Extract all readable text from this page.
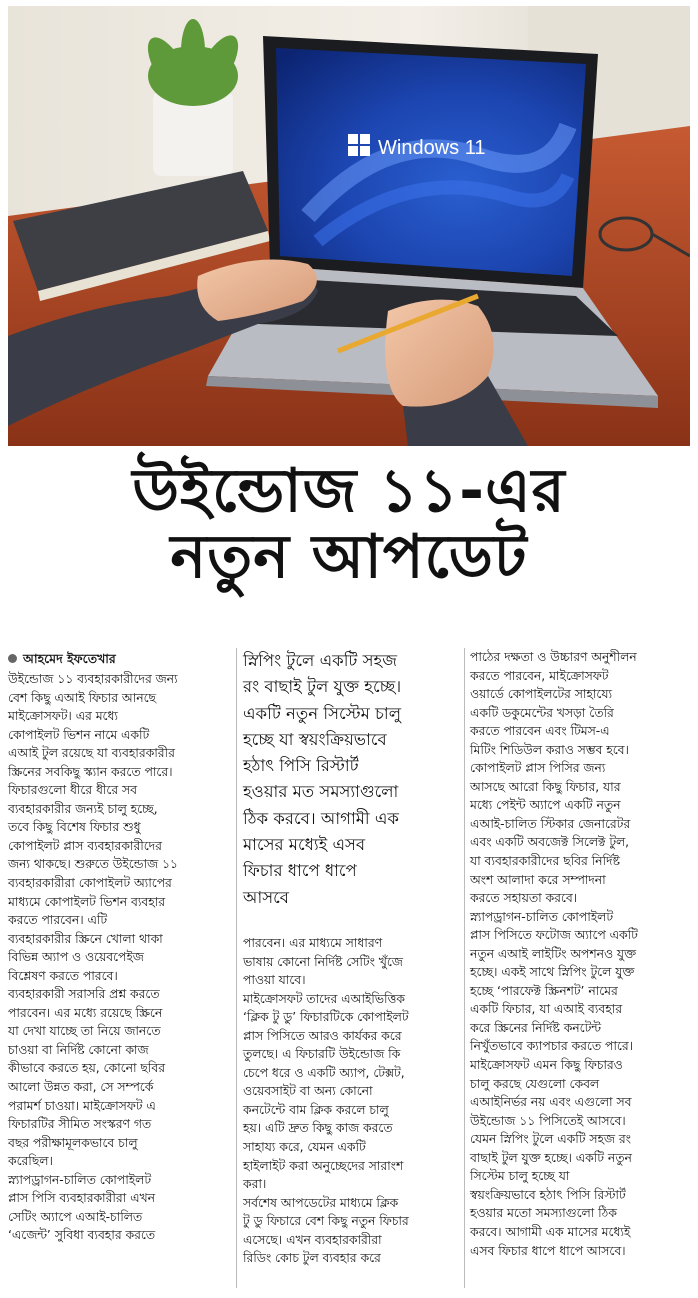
Windows 11
উইন্ডোজ ১১-এর
নতুন আপডেট
আহমেদ ইফতেখার

উইন্ডোজ ১১ ব্যবহারকারীদের জন্য

বেশ কিছু এআই ফিচার আনছে

মাইক্রোসফট। এর মধ্যে

কোপাইলট ভিশন নামে একটি

এআই টুল রয়েছে যা ব্যবহারকারীর

স্ক্রিনের সবকিছু স্ক্যান করতে পারে।

ফিচারগুলো ধীরে ধীরে সব

ব্যবহারকারীর জন্যই চালু হচ্ছে,

তবে কিছু বিশেষ ফিচার শুধু

কোপাইলট প্লাস ব্যবহারকারীদের

জন্য থাকছে। শুরুতে উইন্ডোজ ১১

ব্যবহারকারীরা কোপাইলট অ্যাপের

মাধ্যমে কোপাইলট ভিশন ব্যবহার

করতে পারবেন। এটি

ব্যবহারকারীর স্ক্রিনে খোলা থাকা

বিভিন্ন অ্যাপ ও ওয়েবপেইজ

বিশ্লেষণ করতে পারবে।

ব্যবহারকারী সরাসরি প্রশ্ন করতে

পারবেন। এর মধ্যে রয়েছে স্ক্রিনে

যা দেখা যাচ্ছে তা নিয়ে জানতে

চাওয়া বা নির্দিষ্ট কোনো কাজ

কীভাবে করতে হয়, কোনো ছবির

আলো উন্নত করা, সে সম্পর্কে

পরামর্শ চাওয়া। মাইক্রোসফট এ

ফিচারটির সীমিত সংস্করণ গত

বছর পরীক্ষামূলকভাবে চালু

করেছিল।

স্ন্যাপড্রাগন-চালিত কোপাইলট

প্লাস পিসি ব্যবহারকারীরা এখন

সেটিং অ্যাপে এআই-চালিত

‘এজেন্ট’ সুবিধা ব্যবহার করতে

স্নিপিং টুলে একটি সহজ

রং বাছাই টুল যুক্ত হচ্ছে।

একটি নতুন সিস্টেম চালু

হচ্ছে যা স্বয়ংক্রিয়ভাবে

হঠাৎ পিসি রিস্টার্ট

হওয়ার মত সমস্যাগুলো

ঠিক করবে। আগামী এক

মাসের মধ্যেই এসব

ফিচার ধাপে ধাপে

আসবে

পারবেন। এর মাধ্যমে সাধারণ

ভাষায় কোনো নির্দিষ্ট সেটিং খুঁজে

পাওয়া যাবে।

মাইক্রোসফট তাদের এআইভিত্তিক

‘ক্লিক টু ডু’ ফিচারটিকে কোপাইলট

প্লাস পিসিতে আরও কার্যকর করে

তুলছে। এ ফিচারটি উইন্ডোজ কি

চেপে ধরে ও একটি অ্যাপ, টেক্সট,

ওয়েবসাইট বা অন্য কোনো

কনটেন্টে বাম ক্লিক করলে চালু

হয়। এটি দ্রুত কিছু কাজ করতে

সাহায্য করে, যেমন একটি

হাইলাইট করা অনুচ্ছেদের সারাংশ

করা।

সর্বশেষ আপডেটের মাধ্যমে ক্লিক

টু ডু ফিচারে বেশ কিছু নতুন ফিচার

এসেছে। এখন ব্যবহারকারীরা

রিডিং কোচ টুল ব্যবহার করে

পাঠের দক্ষতা ও উচ্চারণ অনুশীলন

করতে পারবেন, মাইক্রোসফট

ওয়ার্ডে কোপাইলটের সাহায্যে

একটি ডকুমেন্টের খসড়া তৈরি

করতে পারবেন এবং টিমস-এ

মিটিং শিডিউল করাও সম্ভব হবে।

কোপাইলট প্লাস পিসির জন্য

আসছে আরো কিছু ফিচার, যার

মধ্যে পেইন্ট অ্যাপে একটি নতুন

এআই-চালিত স্টিকার জেনারেটর

এবং একটি অবজেক্ট সিলেক্ট টুল,

যা ব্যবহারকারীদের ছবির নির্দিষ্ট

অংশ আলাদা করে সম্পাদনা

করতে সহায়তা করবে।

স্ন্যাপড্রাগন-চালিত কোপাইলট

প্লাস পিসিতে ফটোজ অ্যাপে একটি

নতুন এআই লাইটিং অপশনও যুক্ত

হচ্ছে। একই সাথে স্নিপিং টুলে যুক্ত

হচ্ছে ‘পারফেক্ট স্ক্রিনশট’ নামের

একটি ফিচার, যা এআই ব্যবহার

করে স্ক্রিনের নির্দিষ্ট কনটেন্ট

নিখুঁতভাবে ক্যাপচার করতে পারে।

মাইক্রোসফট এমন কিছু ফিচারও

চালু করছে যেগুলো কেবল

এআইনির্ভর নয় এবং এগুলো সব

উইন্ডোজ ১১ পিসিতেই আসবে।

যেমন স্নিপিং টুলে একটি সহজ রং

বাছাই টুল যুক্ত হচ্ছে। একটি নতুন

সিস্টেম চালু হচ্ছে যা

স্বয়ংক্রিয়ভাবে হঠাৎ পিসি রিস্টার্ট

হওয়ার মতো সমস্যাগুলো ঠিক

করবে। আগামী এক মাসের মধ্যেই

এসব ফিচার ধাপে ধাপে আসবে।
